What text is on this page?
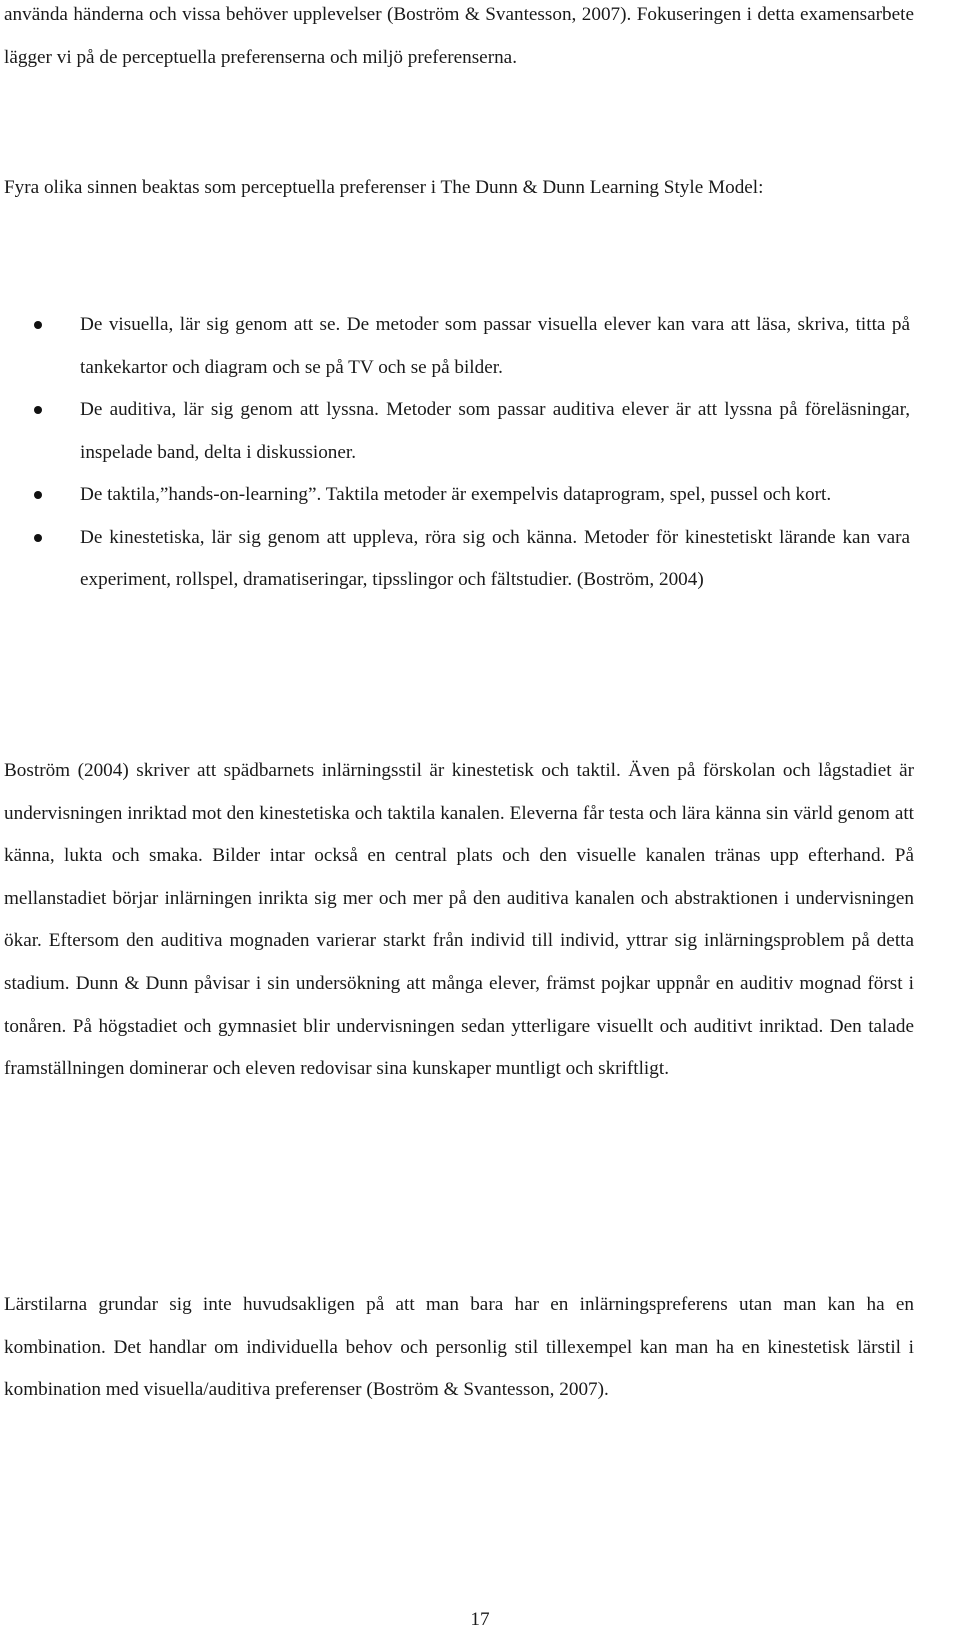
använda händerna och vissa behöver upplevelser (Boström & Svantesson, 2007). Fokuseringen i detta examensarbete lägger vi på de perceptuella preferenserna och miljö preferenserna.

Fyra olika sinnen beaktas som perceptuella preferenser i The Dunn & Dunn Learning Style Model:

De visuella, lär sig genom att se. De metoder som passar visuella elever kan vara att läsa, skriva, titta på tankekartor och diagram och se på TV och se på bilder.
De auditiva, lär sig genom att lyssna. Metoder som passar auditiva elever är att lyssna på föreläsningar, inspelade band, delta i diskussioner.
De taktila,”hands-on-learning”. Taktila metoder är exempelvis dataprogram, spel, pussel och kort.
De kinestetiska, lär sig genom att uppleva, röra sig och känna. Metoder för kinestetiskt lärande kan vara experiment, rollspel, dramatiseringar, tipsslingor och fältstudier. (Boström, 2004)

Boström (2004) skriver att spädbarnets inlärningsstil är kinestetisk och taktil. Även på förskolan och lågstadiet är undervisningen inriktad mot den kinestetiska och taktila kanalen. Eleverna får testa och lära känna sin värld genom att känna, lukta och smaka. Bilder intar också en central plats och den visuelle kanalen tränas upp efterhand. På mellanstadiet börjar inlärningen inrikta sig mer och mer på den auditiva kanalen och abstraktionen i undervisningen ökar. Eftersom den auditiva mognaden varierar starkt från individ till individ, yttrar sig inlärningsproblem på detta stadium. Dunn & Dunn påvisar i sin undersökning att många elever, främst pojkar uppnår en auditiv mognad först i tonåren. På högstadiet och gymnasiet blir undervisningen sedan ytterligare visuellt och auditivt inriktad. Den talade framställningen dominerar och eleven redovisar sina kunskaper muntligt och skriftligt.

Lärstilarna grundar sig inte huvudsakligen på att man bara har en inlärningspreferens utan man kan ha en kombination. Det handlar om individuella behov och personlig stil tillexempel kan man ha en kinestetisk lärstil i kombination med visuella/auditiva preferenser (Boström & Svantesson, 2007).

17
